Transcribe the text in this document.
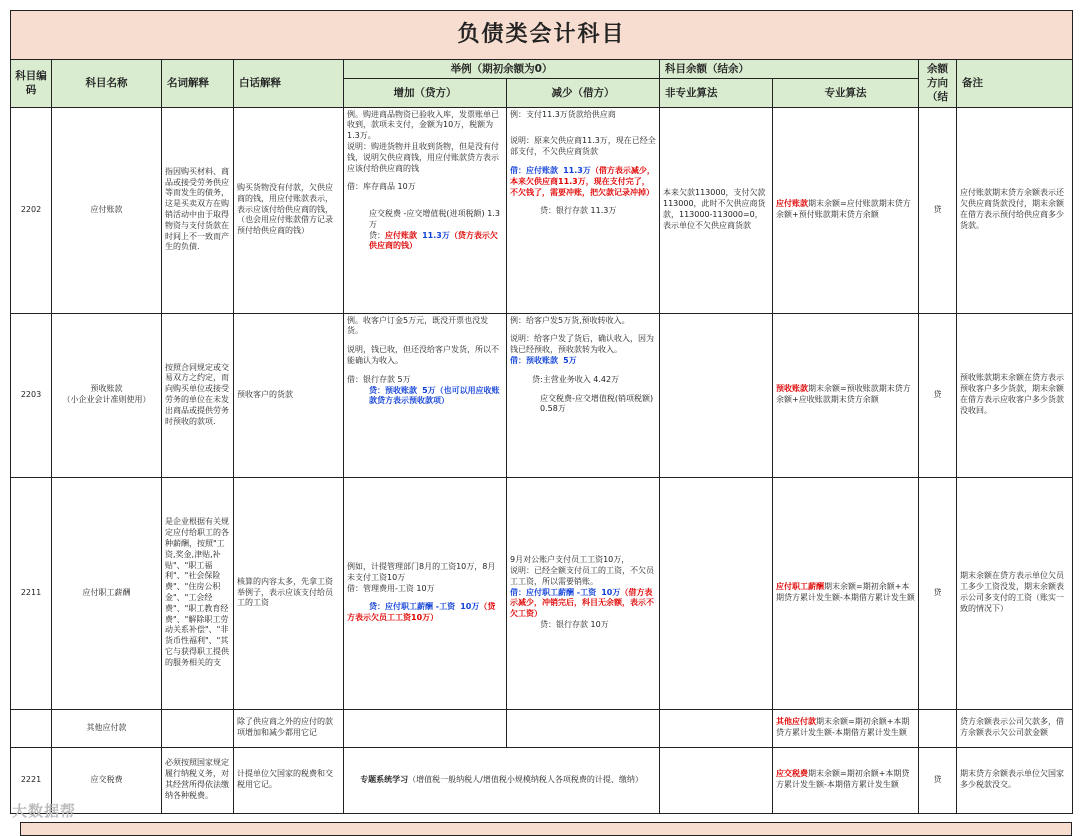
负债类会计科目									
科目编码	科目名称	名词解释	白话解释	举例（期初余额为0）		科目余额（结余）		余额方向（结	备注
				增加（贷方）	减少（借方）	非专业算法	专业算法		
2202	应付账款	指因购买材料、商品或接受劳务供应等而发生的债务，这是买卖双方在购销活动中由于取得物资与支付货款在时间上不一致而产生的负债.	购买货物没有付款，欠供应商的钱，用应付账款表示，表示应该付给供应商的钱，（也会用应付账款借方记录预付给供应商的钱）	例。购进商品物资已验收入库，发票账单已收到，款项未支付，金额为10万，税额为1.3万。
说明：购进货物并且收到货物，但是没有付钱，说明欠供应商钱，用应付账款贷方表示应该付给供应商的钱
借：库存商品 10万
应交税费 -应交增值税(进项税额) 1.3万
贷：应付账款 11.3万（贷方表示欠供应商的钱）	例：支付11.3万货款给供应商
说明：原来欠供应商11.3万，现在已经全部支付，不欠供应商货款
借：应付账款 11.3万（借方表示减少，本来欠供应商11.3万，现在支付完了，不欠钱了，需要冲账，把欠款记录冲掉）
贷：银行存款 11.3万	本来欠款113000，支付欠款113000，此时不欠供应商货款，113000-113000=0，表示单位不欠供应商货款	应付账款期末余额=应付账款期末贷方余额+预付账款期末贷方余额	贷	应付账款期末贷方余额表示还欠供应商货款没付，期末余额在借方表示预付给供应商多少货款。
2203	预收账款
（小企业会计准则使用）	按照合同规定或交易双方之约定，而向购买单位或接受劳务的单位在未发出商品或提供劳务时预收的款项.	预收客户的货款	例。收客户订金5万元，既没开票也没发货。
说明，钱已收，但还没给客户发货，所以不能确认为收入。
借：银行存款 5万
贷：预收账款 5万（也可以用应收账款贷方表示预收款项）	例：给客户发5万货,预收转收入。
说明：给客户发了货后，确认收入，因为钱已经预收，预收款转为收入。
借：预收账款 5万
贷:主营业务收入 4.42万
应交税费-应交增值税(销项税额) 0.58万		预收账款期末余额=预收账款期末贷方余额+应收账款期末贷方余额	贷	预收账款期末余额在贷方表示预收客户多少货款，期末余额在借方表示应收客户多少货款没收回。
2211	应付职工薪酬	是企业根据有关规定应付给职工的各种薪酬，按照"工资,奖金,津贴,补贴"、"职工福利"、"社会保险费"、"住房公积金"、"工会经费"、"职工教育经费"、"解除职工劳动关系补偿"、"非货币性福利"、"其它与获得职工提供的服务相关的支	核算的内容太多，先拿工资举例子，表示应该支付给员工的工资	例如，计提管理部门8月的工资10万，8月未支付工资10万
借：管理费用-工资 10万
贷：应付职工薪酬 -工资 10万（贷方表示欠员工工资10万）	9月对公账户支付员工工资10万，
说明：已经全额支付员工的工资，不欠员工工资，所以需要销账。
借：应付职工薪酬 -工资 10万（借方表示减少，冲销完后，科目无余额，表示不欠工资）
贷：银行存款 10万		应付职工薪酬期末余额=期初余额+本期贷方累计发生额-本期借方累计发生额	贷	期末余额在贷方表示单位欠员工多少工资没发，期末余额表示公司多支付的工资（账实一致的情况下）
	其他应付款		除了供应商之外的应付的款项增加和减少都用它记				其他应付款期末余额=期初余额+本期贷方累计发生额-本期借方累计发生额		贷方余额表示公司欠款多，借方余额表示欠公司款金额
2221	应交税费	必须按照国家规定履行纳税义务，对其经营所得依法缴纳各种税费。	计提单位欠国家的税费和交税用它记。	专题系统学习（增值税一般纳税人/增值税小规模纳税人各项税费的计提、缴纳）			应交税费期末余额=期初余额+本期贷方累计发生额-本期借方累计发生额	贷	期末贷方余额表示单位欠国家多少税款没交。
大数据帮
